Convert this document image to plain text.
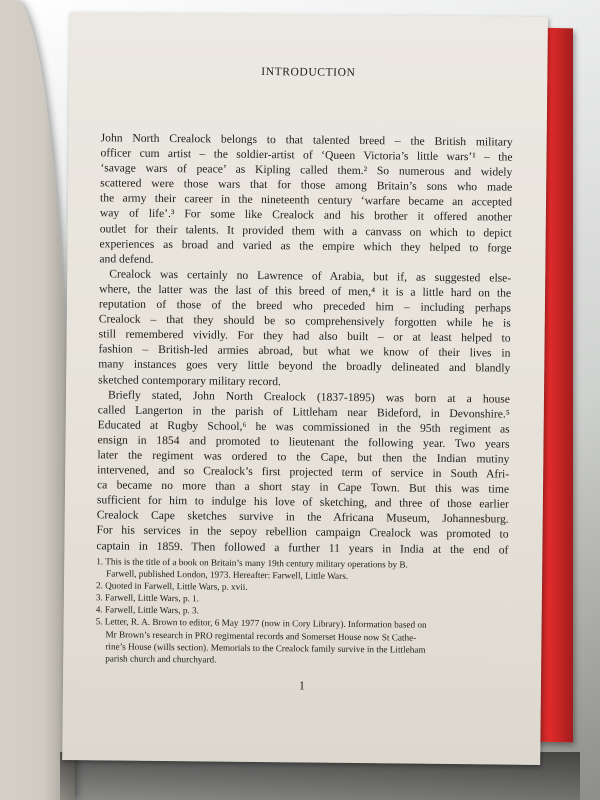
INTRODUCTION
John North Crealock belongs to that talented breed – the British military
officer cum artist – the soldier-artist of ‘Queen Victoria’s little wars’¹ – the
‘savage wars of peace’ as Kipling called them.² So numerous and widely
scattered were those wars that for those among Britain’s sons who made
the army their career in the nineteenth century ‘warfare became an accepted
way of life’.³ For some like Crealock and his brother it offered another
outlet for their talents. It provided them with a canvass on which to depict
experiences as broad and varied as the empire which they helped to forge
and defend.
Crealock was certainly no Lawrence of Arabia, but if, as suggested else-
where, the latter was the last of this breed of men,⁴ it is a little hard on the
reputation of those of the breed who preceded him – including perhaps
Crealock – that they should be so comprehensively forgotten while he is
still remembered vividly. For they had also built – or at least helped to
fashion – British-led armies abroad, but what we know of their lives in
many instances goes very little beyond the broadly delineated and blandly
sketched contemporary military record.
Briefly stated, John North Crealock (1837-1895) was born at a house
called Langerton in the parish of Littleham near Bideford, in Devonshire.⁵
Educated at Rugby School,⁶ he was commissioned in the 95th regiment as
ensign in 1854 and promoted to lieutenant the following year. Two years
later the regiment was ordered to the Cape, but then the Indian mutiny
intervened, and so Crealock’s first projected term of service in South Afri-
ca became no more than a short stay in Cape Town. But this was time
sufficient for him to indulge his love of sketching, and three of those earlier
Crealock Cape sketches survive in the Africana Museum, Johannesburg.
For his services in the sepoy rebellion campaign Crealock was promoted to
captain in 1859. Then followed a further 11 years in India at the end of
1. This is the title of a book on Britain’s many 19th century military operations by B.
Farwell, published London, 1973. Hereafter: Farwell, Little Wars.
2. Quoted in Farwell, Little Wars, p. xvii.
3. Farwell, Little Wars, p. 1.
4. Farwell, Little Wars, p. 3.
5. Letter, R. A. Brown to editor, 6 May 1977 (now in Cory Library). Information based on
Mr Brown’s research in PRO regimental records and Somerset House now St Cathe-
rine’s House (wills section). Memorials to the Crealock family survive in the Littleham
parish church and churchyard.
1
